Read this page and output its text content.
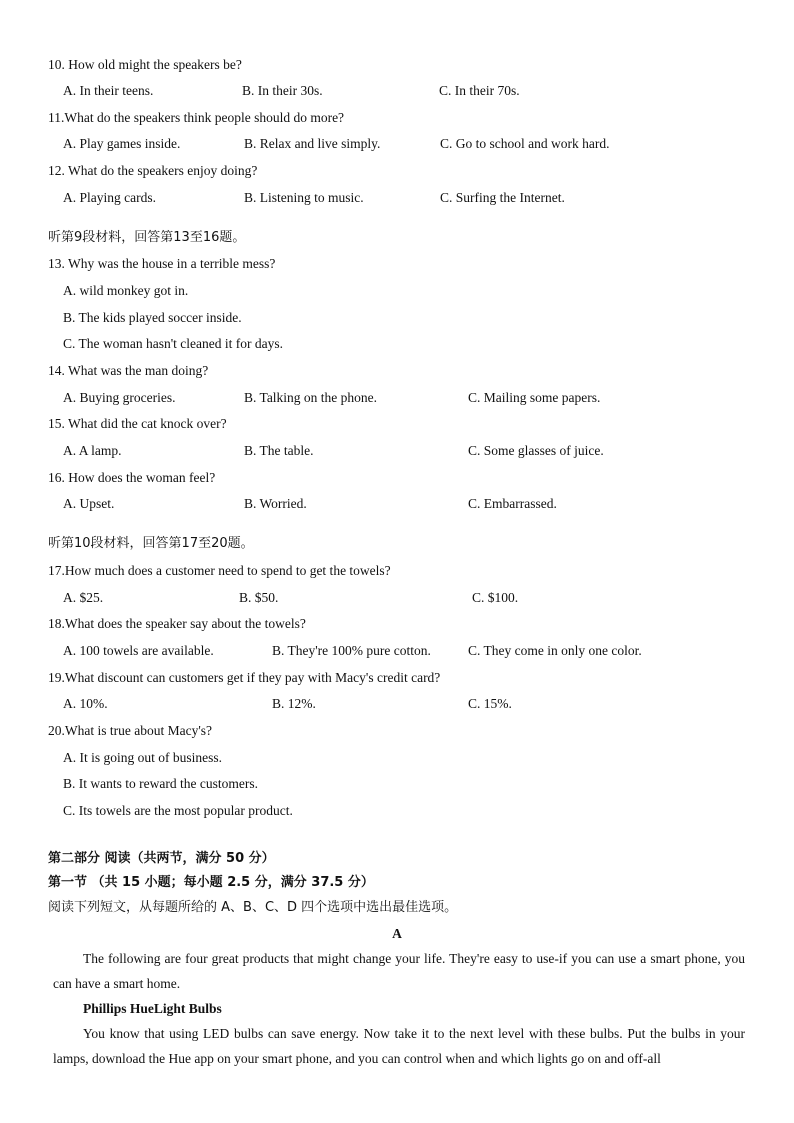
10. How old might the speakers be?
A. In their teens.	B. In their 30s.	C. In their 70s.
11.What do the speakers think people should do more?
A. Play games inside.	B. Relax and live simply.	C. Go to school and work hard.
12. What do the speakers enjoy doing?
A. Playing cards.	B. Listening to music.	C. Surfing the Internet.
听第9段材料，回答第13至16题。
13. Why was the house in a terrible mess?
A. wild monkey got in.
B. The kids played soccer inside.
C. The woman hasn't cleaned it for days.
14. What was the man doing?
A. Buying groceries.	B. Talking on the phone.	C. Mailing some papers.
15. What did the cat knock over?
A. A lamp.	B. The table.	C. Some glasses of juice.
16. How does the woman feel?
A. Upset.	B. Worried.	C. Embarrassed.
听第10段材料，回答第17至20题。
17.How much does a customer need to spend to get the towels?
A. $25.	B. $50.	C. $100.
18.What does the speaker say about the towels?
A. 100 towels are available.	B. They're 100% pure cotton.	C. They come in only one color.
19.What discount can customers get if they pay with Macy's credit card?
A. 10%.	B. 12%.	C. 15%.
20.What is true about Macy's?
A. It is going out of business.
B. It wants to reward the customers.
C. Its towels are the most popular product.
第二部分 阅读（共两节，满分 50 分）
第一节 （共 15 小题；每小题 2.5 分，满分 37.5 分）
阅读下列短文，从每题所给的 A、B、C、D 四个选项中选出最佳选项。
A
The following are four great products that might change your life. They're easy to use-if you can use a smart phone, you can have a smart home.
Phillips HueLight Bulbs
You know that using LED bulbs can save energy. Now take it to the next level with these bulbs. Put the bulbs in your lamps, download the Hue app on your smart phone, and you can control when and which lights go on and off-all
